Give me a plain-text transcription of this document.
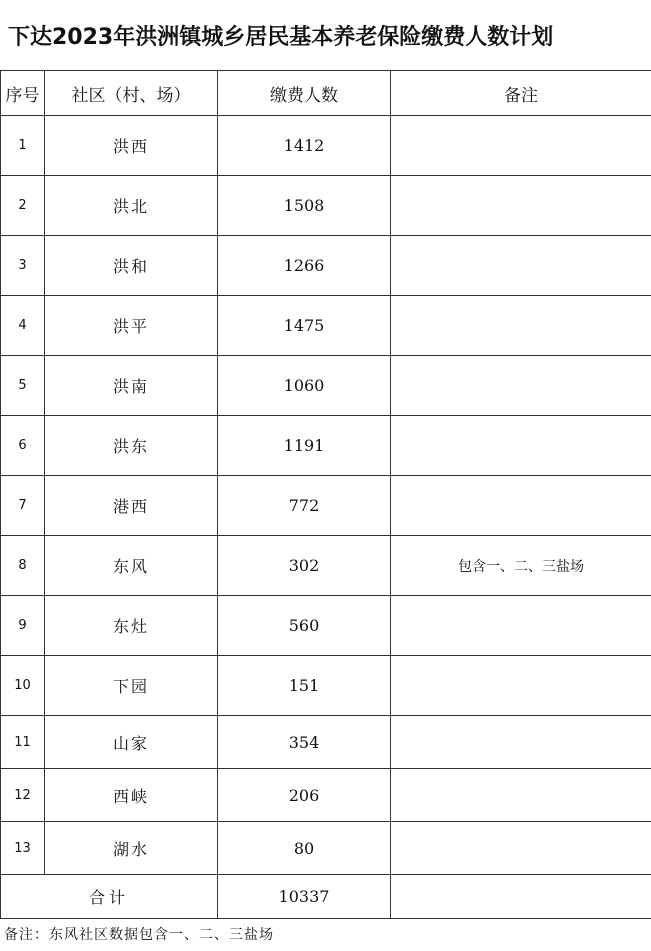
下达2023年洪洲镇城乡居民基本养老保险缴费人数计划
序号	社区（村、场）	缴费人数	备注
1	洪西	1412	
2	洪北	1508	
3	洪和	1266	
4	洪平	1475	
5	洪南	1060	
6	洪东	1191	
7	港西	772	
8	东风	302	包含一、二、三盐场
9	东灶	560	
10	下园	151	
11	山家	354	
12	西峡	206	
13	湖水	80	
合计		10337	
备注：东风社区数据包含一、二、三盐场
